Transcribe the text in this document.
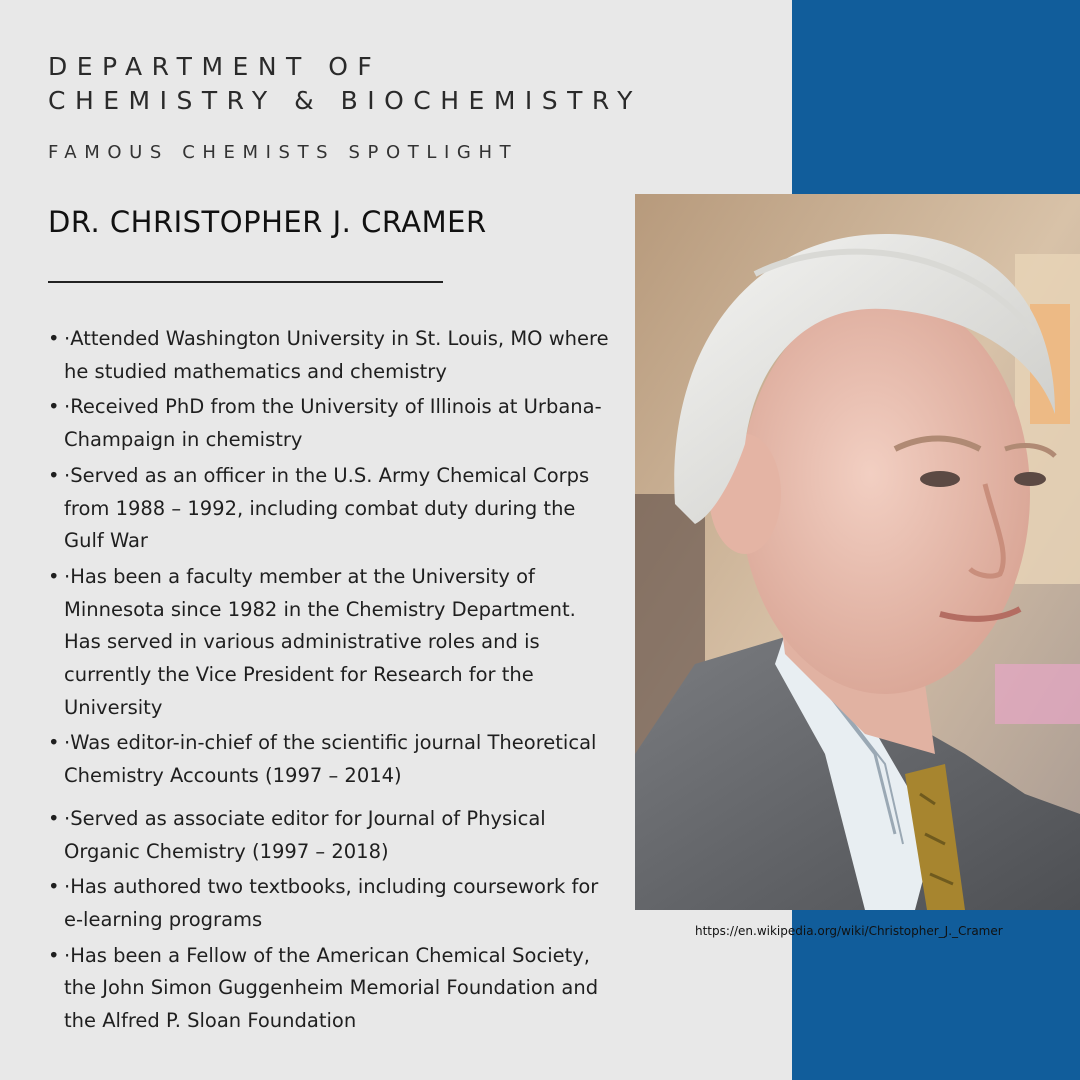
DEPARTMENT OF
CHEMISTRY & BIOCHEMISTRY

FAMOUS CHEMISTS SPOTLIGHT

DR. CHRISTOPHER J. CRAMER
• ·Attended Washington University in St. Louis, MO where he studied mathematics and chemistry
• ·Received PhD from the University of Illinois at Urbana-Champaign in chemistry
• ·Served as an officer in the U.S. Army Chemical Corps from 1988 – 1992, including combat duty during the Gulf War
• ·Has been a faculty member at the University of Minnesota since 1982 in the Chemistry Department. Has served in various administrative roles and is currently the Vice President for Research for the University
• ·Was editor-in-chief of the scientific journal Theoretical Chemistry Accounts (1997 – 2014)
• ·Served as associate editor for Journal of Physical Organic Chemistry (1997 – 2018)
• ·Has authored two textbooks, including coursework for e-learning programs
• ·Has been a Fellow of the American Chemical Society, the John Simon Guggenheim Memorial Foundation and the Alfred P. Sloan Foundation

https://en.wikipedia.org/wiki/Christopher_J._Cramer
